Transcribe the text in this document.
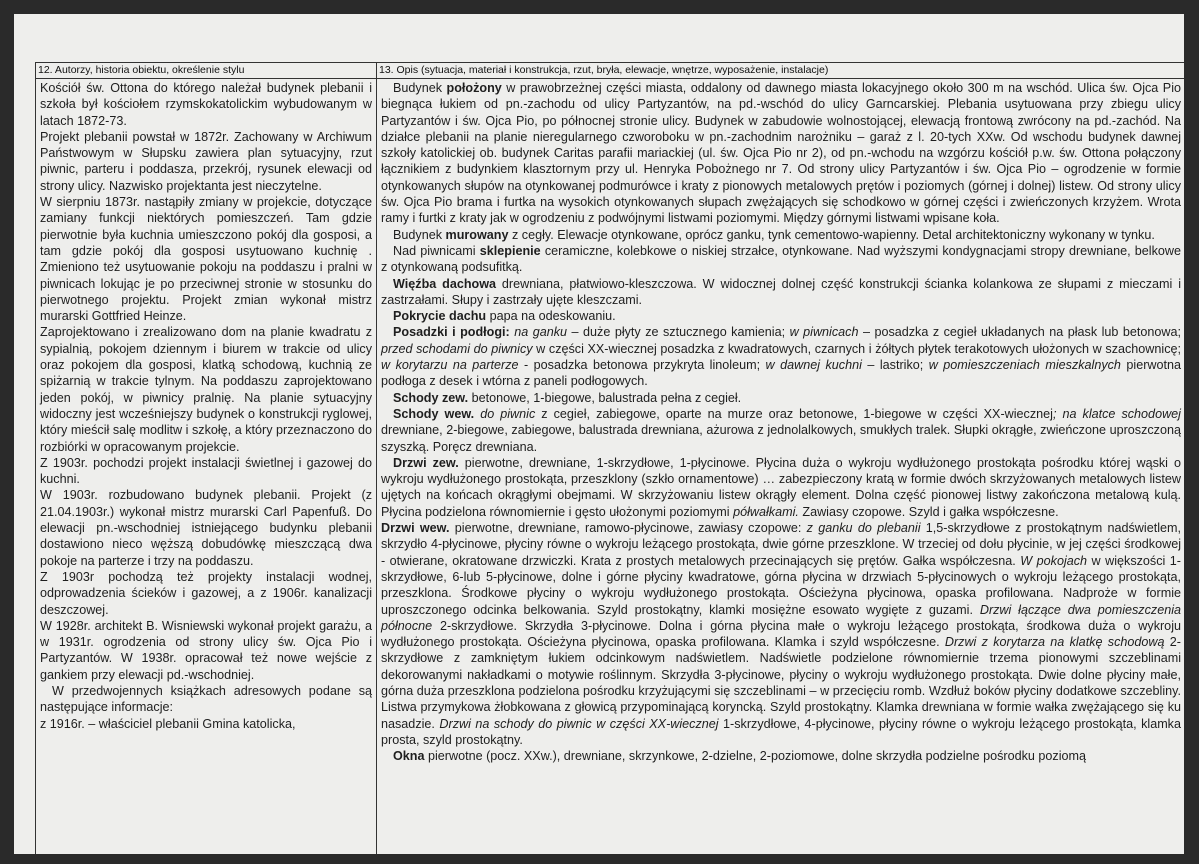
12. Autorzy, historia obiektu, określenie stylu

Kościół św. Ottona do którego należał budynek plebanii i szkoła był kościołem rzymskokatolickim wybudowanym w latach 1872-73.

Projekt plebanii powstał w 1872r. Zachowany w Archiwum Państwowym w Słupsku zawiera plan sytuacyjny, rzut piwnic, parteru i poddasza, przekrój, rysunek elewacji od strony ulicy. Nazwisko projektanta jest nieczytelne.

W sierpniu 1873r. nastąpiły zmiany w projekcie, dotyczące zamiany funkcji niektórych pomieszczeń. Tam gdzie pierwotnie była kuchnia umieszczono pokój dla gosposi, a tam gdzie pokój dla gosposi usytuowano kuchnię . Zmieniono też usytuowanie pokoju na poddaszu i pralni w piwnicach lokując je po przeciwnej stronie w stosunku do pierwotnego projektu. Projekt zmian wykonał mistrz murarski Gottfried Heinze.

Zaprojektowano i zrealizowano dom na planie kwadratu z sypialnią, pokojem dziennym i biurem w trakcie od ulicy oraz pokojem dla gosposi, klatką schodową, kuchnią ze spiżarnią w trakcie tylnym. Na poddaszu zaprojektowano jeden pokój, w piwnicy pralnię. Na planie sytuacyjny widoczny jest wcześniejszy budynek o konstrukcji ryglowej, który mieścił salę modlitw i szkołę, a który przeznaczono do rozbiórki w opracowanym projekcie.

Z 1903r. pochodzi projekt instalacji świetlnej i gazowej do kuchni.

W 1903r. rozbudowano budynek plebanii. Projekt (z 21.04.1903r.) wykonał mistrz murarski Carl Papenfuß. Do elewacji pn.-wschodniej istniejącego budynku plebanii dostawiono nieco węższą dobudówkę mieszczącą dwa pokoje na parterze i trzy na poddaszu.

Z 1903r pochodzą też projekty instalacji wodnej, odprowadzenia ścieków i gazowej, a z 1906r. kanalizacji deszczowej.

W 1928r. architekt B. Wisniewski wykonał projekt garażu, a w 1931r. ogrodzenia od strony ulicy św. Ojca Pio i Partyzantów. W 1938r. opracował też nowe wejście z gankiem przy elewacji pd.-wschodniej.

W przedwojennych książkach adresowych podane są następujące informacje:

z 1916r. – właściciel plebanii Gmina katolicka,

13. Opis (sytuacja, materiał i konstrukcja, rzut, bryła, elewacje, wnętrze, wyposażenie, instalacje)

Budynek położony w prawobrzeżnej części miasta, oddalony od dawnego miasta lokacyjnego około 300 m na wschód. Ulica św. Ojca Pio biegnąca łukiem od pn.-zachodu od ulicy Partyzantów, na pd.-wschód do ulicy Garncarskiej. Plebania usytuowana przy zbiegu ulicy Partyzantów i św. Ojca Pio, po północnej stronie ulicy. Budynek w zabudowie wolnostojącej, elewacją frontową zwrócony na pd.-zachód. Na działce plebanii na planie nieregularnego czworoboku w pn.-zachodnim narożniku – garaż z l. 20-tych XXw. Od wschodu budynek dawnej szkoły katolickiej ob. budynek Caritas parafii mariackiej (ul. św. Ojca Pio nr 2), od pn.-wchodu na wzgórzu kościół p.w. św. Ottona połączony łącznikiem z budynkiem klasztornym przy ul. Henryka Pobożnego nr 7. Od strony ulicy Partyzantów i św. Ojca Pio – ogrodzenie w formie otynkowanych słupów na otynkowanej podmurówce i kraty z pionowych metalowych prętów i poziomych (górnej i dolnej) listew. Od strony ulicy św. Ojca Pio brama i furtka na wysokich otynkowanych słupach zwężających się schodkowo w górnej części i zwieńczonych krzyżem. Wrota ramy i furtki z kraty jak w ogrodzeniu z podwójnymi listwami poziomymi. Między górnymi listwami wpisane koła.

Budynek murowany z cegły. Elewacje otynkowane, oprócz ganku, tynk cementowo-wapienny. Detal architektoniczny wykonany w tynku.

Nad piwnicami sklepienie ceramiczne, kolebkowe o niskiej strzałce, otynkowane. Nad wyższymi kondygnacjami stropy drewniane, belkowe z otynkowaną podsufitką.

Więźba dachowa drewniana, płatwiowo-kleszczowa. W widocznej dolnej część konstrukcji ścianka kolankowa ze słupami z mieczami i zastrzałami. Słupy i zastrzały ujęte kleszczami.

Pokrycie dachu papa na odeskowaniu.

Posadzki i podłogi: na ganku – duże płyty ze sztucznego kamienia; w piwnicach – posadzka z cegieł układanych na płask lub betonowa; przed schodami do piwnicy w części XX-wiecznej posadzka z kwadratowych, czarnych i żółtych płytek terakotowych ułożonych w szachownicę; w korytarzu na parterze - posadzka betonowa przykryta linoleum; w dawnej kuchni – lastriko; w pomieszczeniach mieszkalnych pierwotna podłoga z desek i wtórna z paneli podłogowych.

Schody zew. betonowe, 1-biegowe, balustrada pełna z cegieł.

Schody wew. do piwnic z cegieł, zabiegowe, oparte na murze oraz betonowe, 1-biegowe w części XX-wiecznej; na klatce schodowej drewniane, 2-biegowe, zabiegowe, balustrada drewniana, ażurowa z jednolalkowych, smukłych tralek. Słupki okrągłe, zwieńczone uproszczoną szyszką. Poręcz drewniana.

Drzwi zew. pierwotne, drewniane, 1-skrzydłowe, 1-płycinowe. Płycina duża o wykroju wydłużonego prostokąta pośrodku której wąski o wykroju wydłużonego prostokąta, przeszklony (szkło ornamentowe) … zabezpieczony kratą w formie dwóch skrzyżowanych metalowych listew ujętych na końcach okrągłymi obejmami. W skrzyżowaniu listew okrągły element. Dolna część pionowej listwy zakończona metalową kulą. Płycina podzielona równomiernie i gęsto ułożonymi poziomymi półwałkami. Zawiasy czopowe. Szyld i gałka współczesne.

Drzwi wew. pierwotne, drewniane, ramowo-płycinowe, zawiasy czopowe: z ganku do plebanii 1,5-skrzydłowe z prostokątnym nadświetlem, skrzydło 4-płycinowe, płyciny równe o wykroju leżącego prostokąta, dwie górne przeszklone. W trzeciej od dołu płycinie, w jej części środkowej - otwierane, okratowane drzwiczki. Krata z prostych metalowych przecinających się prętów. Gałka współczesna. W pokojach w większości 1-skrzydłowe, 6-lub 5-płycinowe, dolne i górne płyciny kwadratowe, górna płycina w drzwiach 5-płycinowych o wykroju leżącego prostokąta, przeszklona. Środkowe płyciny o wykroju wydłużonego prostokąta. Ościeżyna płycinowa, opaska profilowana. Nadproże w formie uproszczonego odcinka belkowania. Szyld prostokątny, klamki mosiężne esowato wygięte z guzami. Drzwi łączące dwa pomieszczenia północne 2-skrzydłowe. Skrzydła 3-płycinowe. Dolna i górna płycina małe o wykroju leżącego prostokąta, środkowa duża o wykroju wydłużonego prostokąta. Ościeżyna płycinowa, opaska profilowana. Klamka i szyld współczesne. Drzwi z korytarza na klatkę schodową 2-skrzydłowe z zamkniętym łukiem odcinkowym nadświetlem. Nadświetle podzielone równomiernie trzema pionowymi szczeblinami dekorowanymi nakładkami o motywie roślinnym. Skrzydła 3-płycinowe, płyciny o wykroju wydłużonego prostokąta. Dwie dolne płyciny małe, górna duża przeszklona podzielona pośrodku krzyżującymi się szczeblinami – w przecięciu romb. Wzdłuż boków płyciny dodatkowe szczebliny. Listwa przymykowa żłobkowana z głowicą przypominającą koryncką. Szyld prostokątny. Klamka drewniana w formie wałka zwężającego się ku nasadzie. Drzwi na schody do piwnic w części XX-wiecznej 1-skrzydłowe, 4-płycinowe, płyciny równe o wykroju leżącego prostokąta, klamka prosta, szyld prostokątny.

Okna pierwotne (pocz. XXw.), drewniane, skrzynkowe, 2-dzielne, 2-poziomowe, dolne skrzydła podzielne pośrodku poziomą
